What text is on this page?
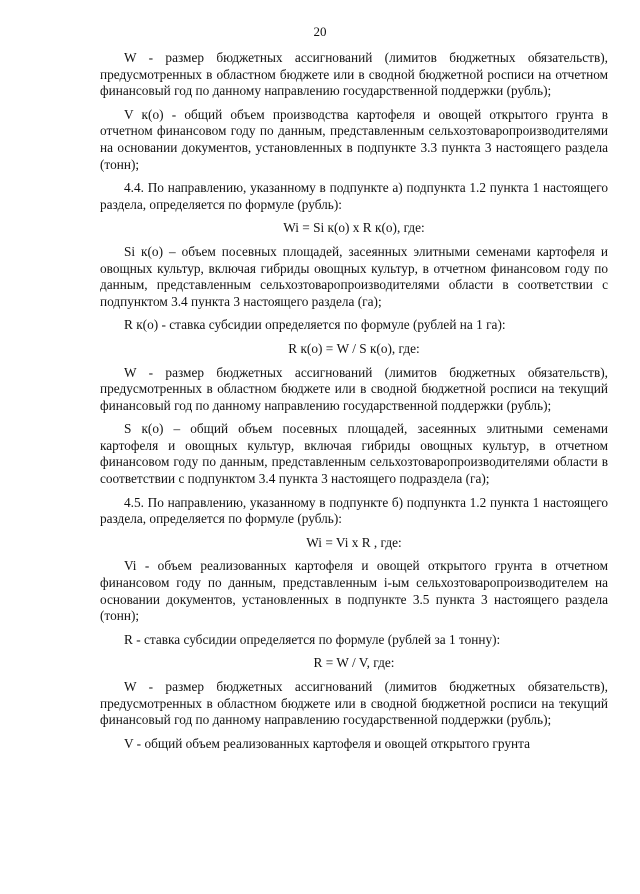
20

W - размер бюджетных ассигнований (лимитов бюджетных обязательств), предусмотренных в областном бюджете или в сводной бюджетной росписи на отчетном финансовый год по данному направлению государственной поддержки (рубль);

V к(о) - общий объем производства картофеля и овощей открытого грунта в отчетном финансовом году по данным, представленным сельхозтоваропроизводителями на основании документов, установленных в подпункте 3.3 пункта 3 настоящего раздела (тонн);

4.4. По направлению, указанному в подпункте а) подпункта 1.2 пункта 1 настоящего раздела, определяется по формуле (рубль):

Wi = Si к(о) x R к(о), где:

Si к(о) – объем посевных площадей, засеянных элитными семенами картофеля и овощных культур, включая гибриды овощных культур, в отчетном финансовом году по данным, представленным сельхозтоваропроизводителями области в соответствии с подпунктом 3.4 пункта 3 настоящего раздела (га);

R к(о) - ставка субсидии определяется по формуле (рублей на 1 га):

R к(о) = W / S к(о), где:

W - размер бюджетных ассигнований (лимитов бюджетных обязательств), предусмотренных в областном бюджете или в сводной бюджетной росписи на текущий финансовый год по данному направлению государственной поддержки (рубль);

S к(о) – общий объем посевных площадей, засеянных элитными семенами картофеля и овощных культур, включая гибриды овощных культур, в отчетном финансовом году по данным, представленным сельхозтоваропроизводителями области в соответствии с подпунктом 3.4 пункта 3 настоящего подраздела (га);

4.5. По направлению, указанному в подпункте б) подпункта 1.2 пункта 1 настоящего раздела, определяется по формуле (рубль):

Wi = Vi x R , где:

Vi - объем реализованных картофеля и овощей открытого грунта в отчетном финансовом году по данным, представленным i-ым сельхозтоваропроизводителем на основании документов, установленных в подпункте 3.5 пункта 3 настоящего раздела (тонн);

R - ставка субсидии определяется по формуле (рублей за 1 тонну):

R = W / V, где:

W - размер бюджетных ассигнований (лимитов бюджетных обязательств), предусмотренных в областном бюджете или в сводной бюджетной росписи на текущий финансовый год по данному направлению государственной поддержки (рубль);

V - общий объем реализованных картофеля и овощей открытого грунта
